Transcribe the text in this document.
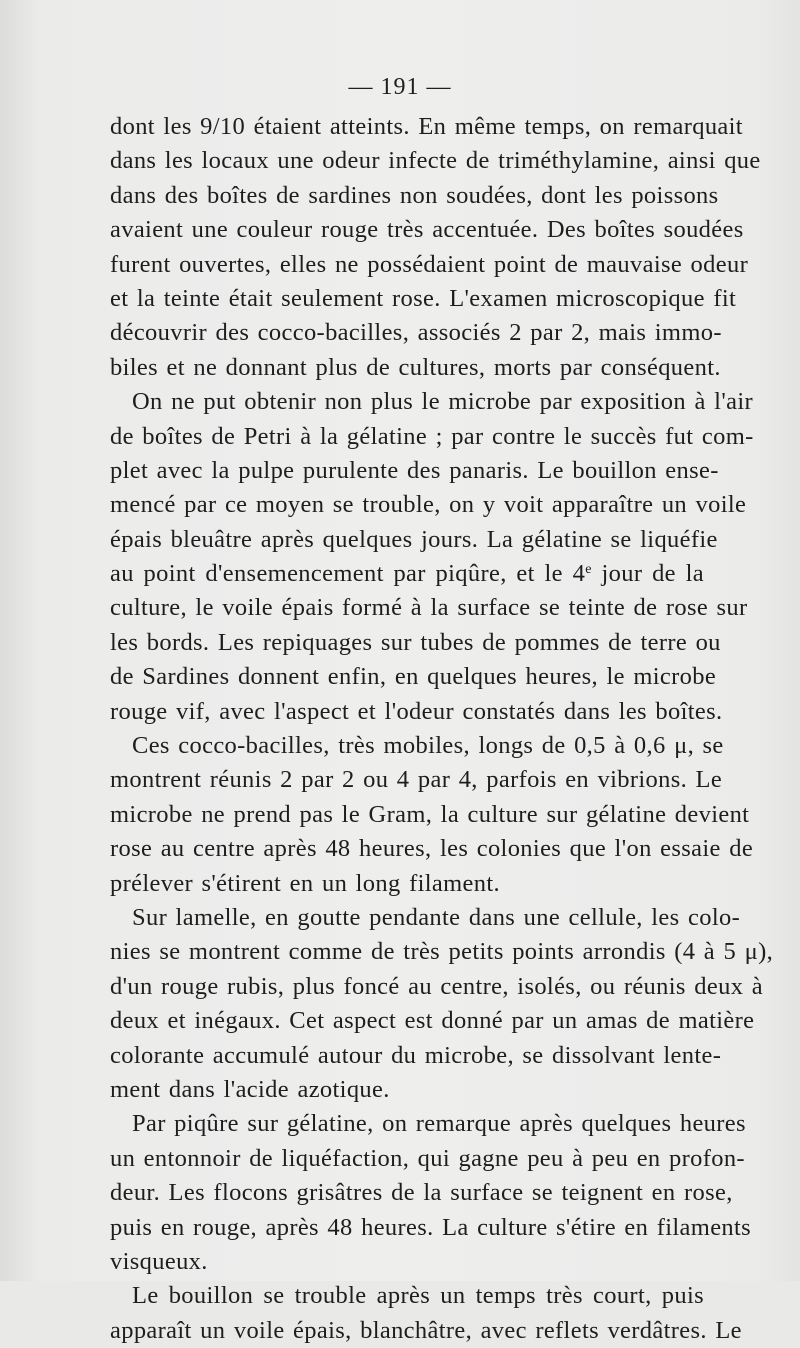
— 191 —
dont les 9/10 étaient atteints. En même temps, on remarquait
dans les locaux une odeur infecte de triméthylamine, ainsi que
dans des boîtes de sardines non soudées, dont les poissons
avaient une couleur rouge très accentuée. Des boîtes soudées
furent ouvertes, elles ne possédaient point de mauvaise odeur
et la teinte était seulement rose. L'examen microscopique fit
découvrir des cocco-bacilles, associés 2 par 2, mais immo-
biles et ne donnant plus de cultures, morts par conséquent.
On ne put obtenir non plus le microbe par exposition à l'air
de boîtes de Petri à la gélatine ; par contre le succès fut com-
plet avec la pulpe purulente des panaris. Le bouillon ense-
mencé par ce moyen se trouble, on y voit apparaître un voile
épais bleuâtre après quelques jours. La gélatine se liquéfie
au point d'ensemencement par piqûre, et le 4e jour de la
culture, le voile épais formé à la surface se teinte de rose sur
les bords. Les repiquages sur tubes de pommes de terre ou
de Sardines donnent enfin, en quelques heures, le microbe
rouge vif, avec l'aspect et l'odeur constatés dans les boîtes.
Ces cocco-bacilles, très mobiles, longs de 0,5 à 0,6 μ, se
montrent réunis 2 par 2 ou 4 par 4, parfois en vibrions. Le
microbe ne prend pas le Gram, la culture sur gélatine devient
rose au centre après 48 heures, les colonies que l'on essaie de
prélever s'étirent en un long filament.
Sur lamelle, en goutte pendante dans une cellule, les colo-
nies se montrent comme de très petits points arrondis (4 à 5 μ),
d'un rouge rubis, plus foncé au centre, isolés, ou réunis deux à
deux et inégaux. Cet aspect est donné par un amas de matière
colorante accumulé autour du microbe, se dissolvant lente-
ment dans l'acide azotique.
Par piqûre sur gélatine, on remarque après quelques heures
un entonnoir de liquéfaction, qui gagne peu à peu en profon-
deur. Les flocons grisâtres de la surface se teignent en rose,
puis en rouge, après 48 heures. La culture s'étire en filaments
visqueux.
Le bouillon se trouble après un temps très court, puis
apparaît un voile épais, blanchâtre, avec reflets verdâtres. Le
